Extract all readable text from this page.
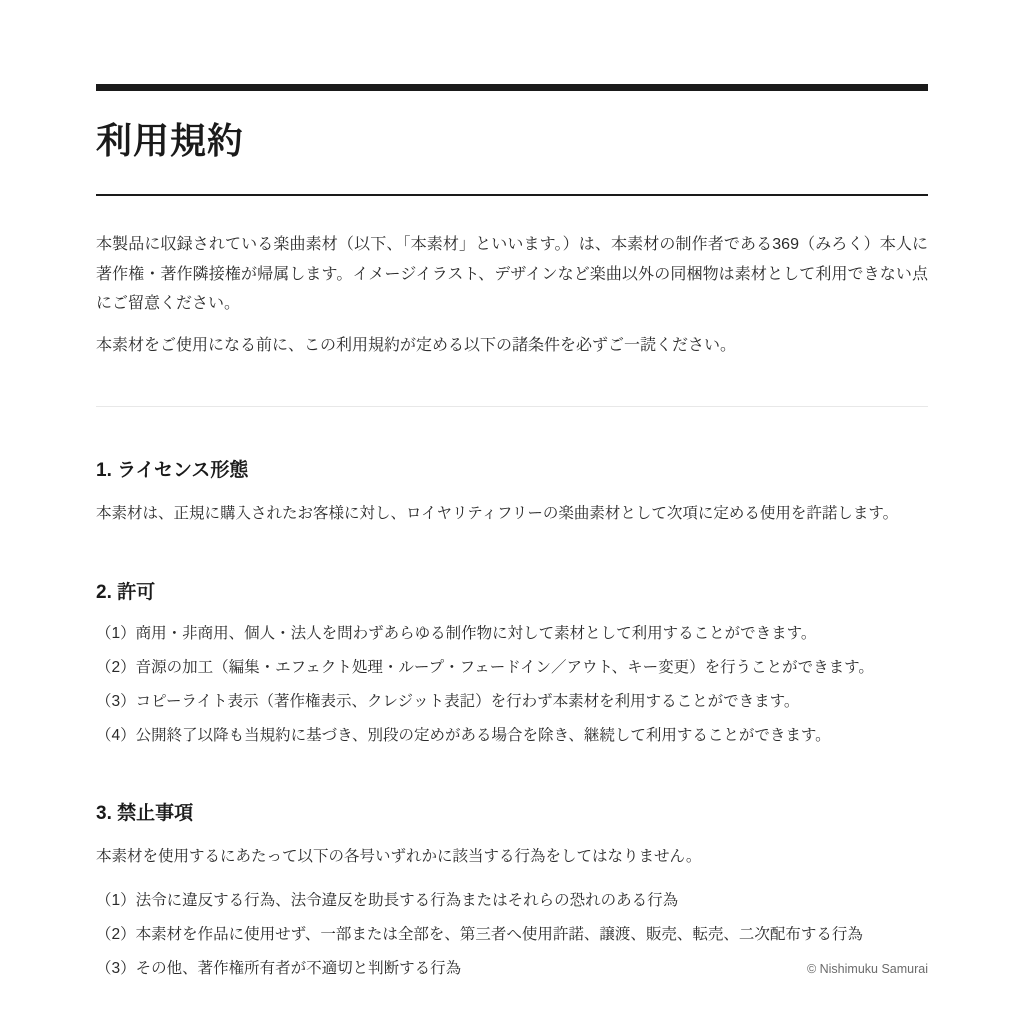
利用規約

本製品に収録されている楽曲素材（以下、「本素材」といいます。）は、本素材の制作者である369（みろく）本人に著作権・著作隣接権が帰属します。イメージイラスト、デザインなど楽曲以外の同梱物は素材として利用できない点にご留意ください。

本素材をご使用になる前に、この利用規約が定める以下の諸条件を必ずご一読ください。

1. ライセンス形態

本素材は、正規に購入されたお客様に対し、ロイヤリティフリーの楽曲素材として次項に定める使用を許諾します。

2. 許可

（1）商用・非商用、個人・法人を問わずあらゆる制作物に対して素材として利用することができます。

（2）音源の加工（編集・エフェクト処理・ループ・フェードイン／アウト、キー変更）を行うことができます。

（3）コピーライト表示（著作権表示、クレジット表記）を行わず本素材を利用することができます。

（4）公開終了以降も当規約に基づき、別段の定めがある場合を除き、継続して利用することができます。

3. 禁止事項

本素材を使用するにあたって以下の各号いずれかに該当する行為をしてはなりません。

（1）法令に違反する行為、法令違反を助長する行為またはそれらの恐れのある行為

（2）本素材を作品に使用せず、一部または全部を、第三者へ使用許諾、譲渡、販売、転売、二次配布する行為

（3）その他、著作権所有者が不適切と判断する行為	© Nishimuku Samurai
